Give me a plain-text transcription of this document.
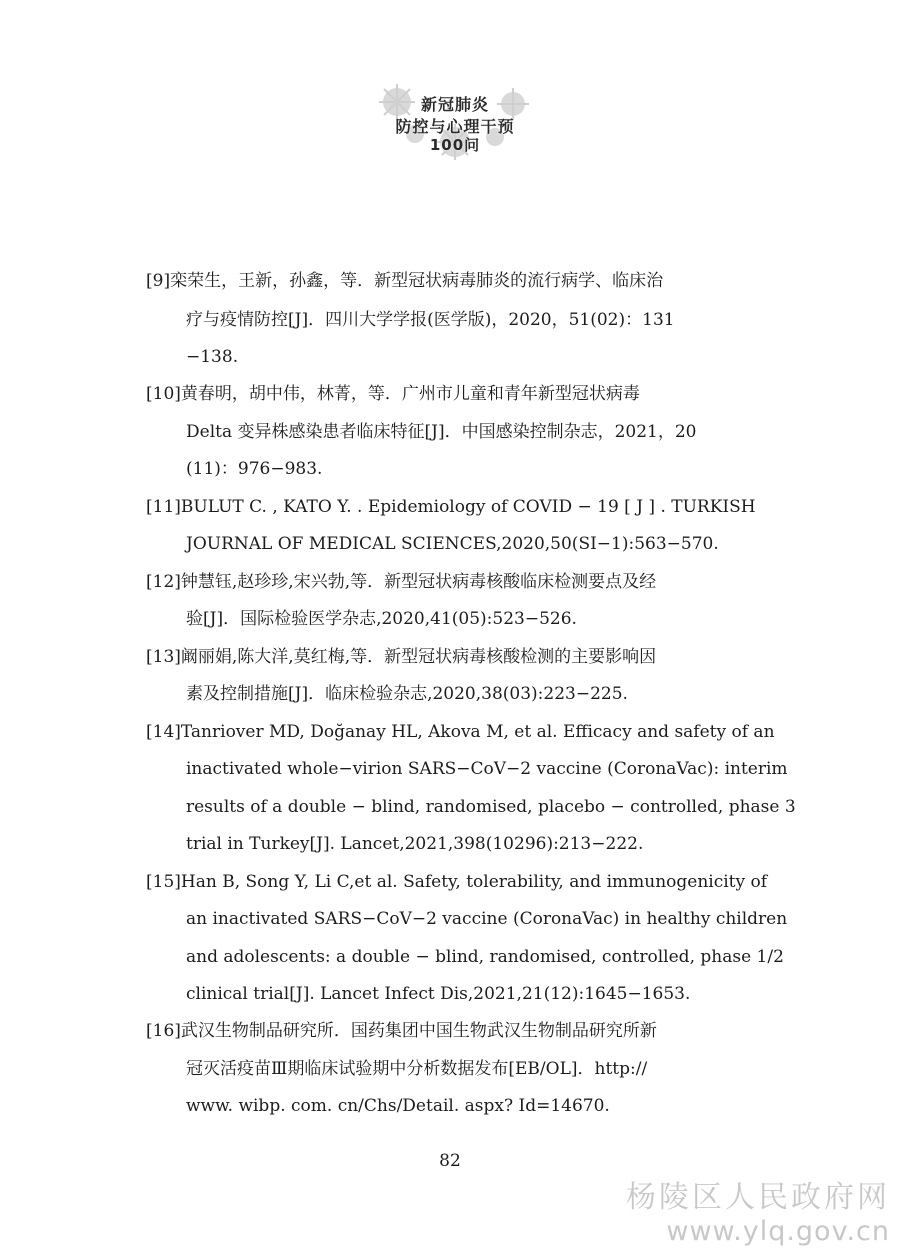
新冠肺炎
防控与心理干预
100问
[9]栾荣生，王新，孙鑫，等．新型冠状病毒肺炎的流行病学、临床治
疗与疫情防控[J]．四川大学学报(医学版)，2020，51(02)：131
−138.
[10]黄春明，胡中伟，林菁，等．广州市儿童和青年新型冠状病毒
Delta 变异株感染患者临床特征[J]．中国感染控制杂志，2021，20
(11)：976−983.
[11]BULUT C. , KATO Y. . Epidemiology of COVID − 19 [ J ] . TURKISH
JOURNAL OF MEDICAL SCIENCES,2020,50(SI−1):563−570.
[12]钟慧钰,赵珍珍,宋兴勃,等．新型冠状病毒核酸临床检测要点及经
验[J]．国际检验医学杂志,2020,41(05):523−526.
[13]阚丽娟,陈大洋,莫红梅,等．新型冠状病毒核酸检测的主要影响因
素及控制措施[J]．临床检验杂志,2020,38(03):223−225.
[14]Tanriover MD, Doğanay HL, Akova M, et al. Efficacy and safety of an
inactivated whole−virion SARS−CoV−2 vaccine (CoronaVac): interim
results of a double − blind, randomised, placebo − controlled, phase 3
trial in Turkey[J]. Lancet,2021,398(10296):213−222.
[15]Han B, Song Y, Li C,et al. Safety, tolerability, and immunogenicity of
an inactivated SARS−CoV−2 vaccine (CoronaVac) in healthy children
and adolescents: a double − blind, randomised, controlled, phase 1/2
clinical trial[J]. Lancet Infect Dis,2021,21(12):1645−1653.
[16]武汉生物制品研究所．国药集团中国生物武汉生物制品研究所新
冠灭活疫苗Ⅲ期临床试验期中分析数据发布[EB/OL]．http://
www. wibp. com. cn/Chs/Detail. aspx? Id=14670.
82
杨陵区人民政府网
www.ylq.gov.cn
